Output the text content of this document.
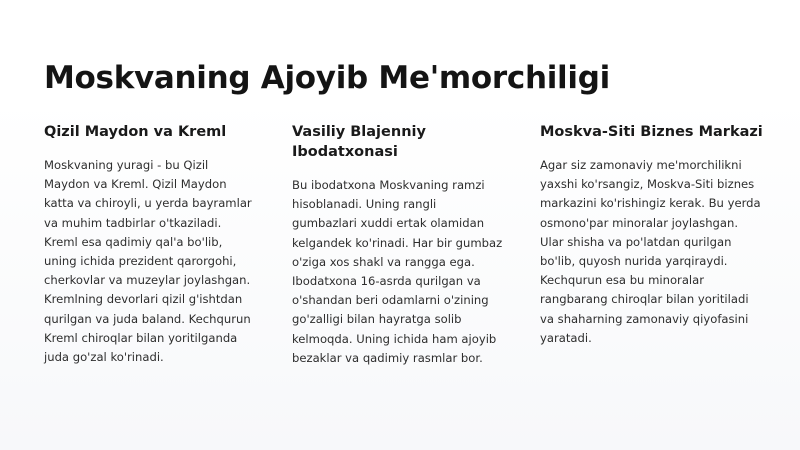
Moskvaning Ajoyib Me'morchiligi
Qizil Maydon va Kreml

Moskvaning yuragi - bu Qizil Maydon va Kreml. Qizil Maydon katta va chiroyli, u yerda bayramlar va muhim tadbirlar o'tkaziladi. Kreml esa qadimiy qal'a bo'lib, uning ichida prezident qarorgohi, cherkovlar va muzeylar joylashgan. Kremlning devorlari qizil g'ishtdan qurilgan va juda baland. Kechqurun Kreml chiroqlar bilan yoritilganda juda go'zal ko'rinadi.

Vasiliy Blajenniy Ibodatxonasi

Bu ibodatxona Moskvaning ramzi hisoblanadi. Uning rangli gumbazlari xuddi ertak olamidan kelgandek ko'rinadi. Har bir gumbaz o'ziga xos shakl va rangga ega. Ibodatxona 16-asrda qurilgan va o'shandan beri odamlarni o'zining go'zalligi bilan hayratga solib kelmoqda. Uning ichida ham ajoyib bezaklar va qadimiy rasmlar bor.

Moskva-Siti Biznes Markazi

Agar siz zamonaviy me'morchilikni yaxshi ko'rsangiz, Moskva-Siti biznes markazini ko'rishingiz kerak. Bu yerda osmono'par minoralar joylashgan. Ular shisha va po'latdan qurilgan bo'lib, quyosh nurida yarqiraydi. Kechqurun esa bu minoralar rangbarang chiroqlar bilan yoritiladi va shaharning zamonaviy qiyofasini yaratadi.
